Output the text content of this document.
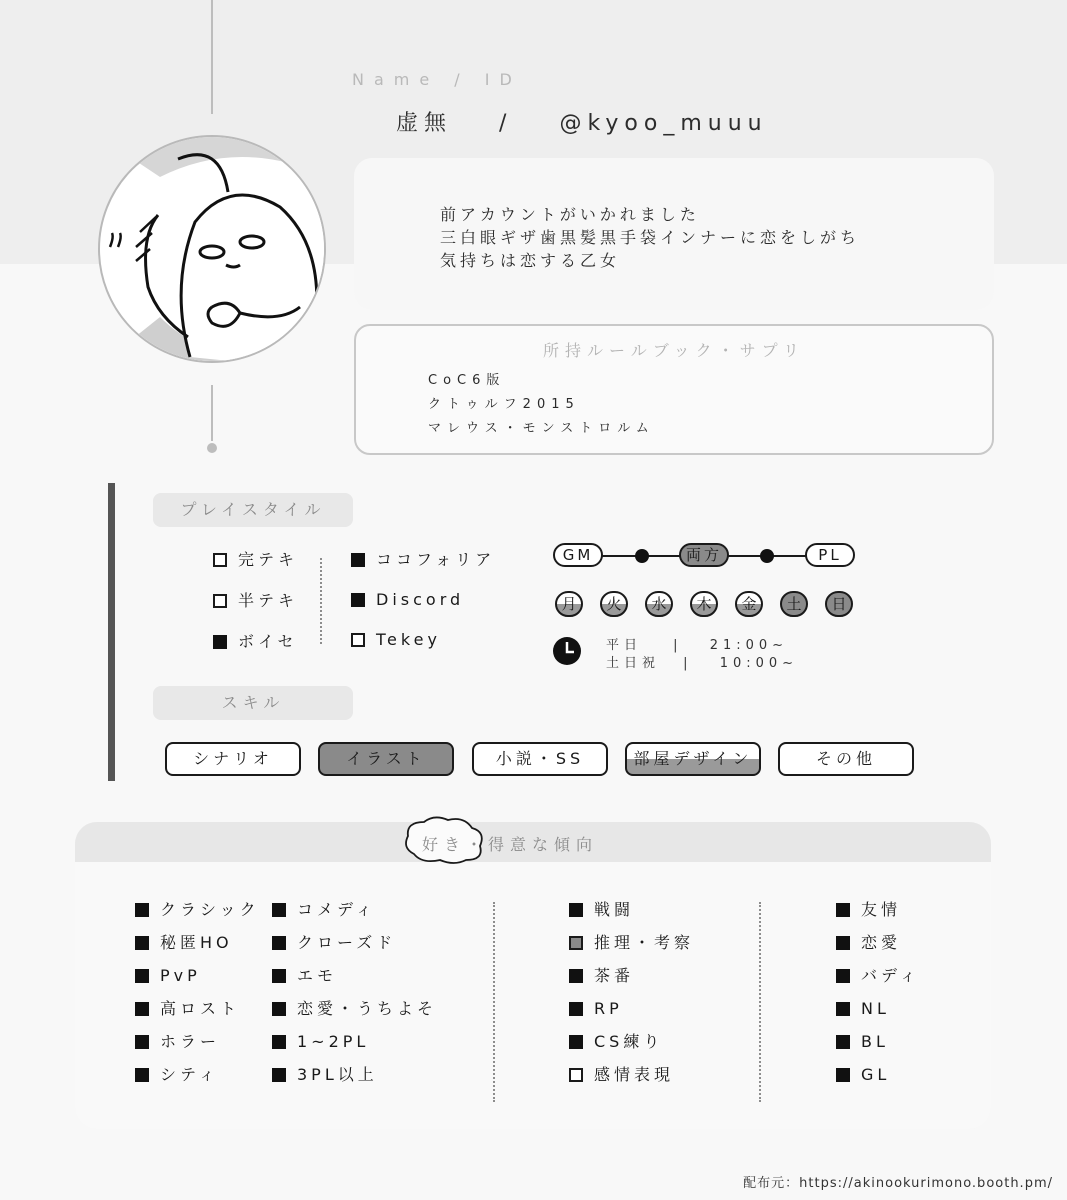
Name / ID
虚無 / @kyoo_muuu
前アカウントがいかれました
三白眼ギザ歯黒髪黒手袋インナーに恋をしがち
気持ちは恋する乙女
所持ルールブック・サプリ
CoC6版
クトゥルフ2015
マレウス・モンストロルム
プレイスタイル
完テキ
半テキ
ボイセ
ココフォリア
Discord
Tekey
GM	両方	PL
月	火	水	木	金	土	日
平日 | 21:00~
土日祝 | 10:00~
スキル
シナリオ	イラスト	小説・SS	部屋デザイン	その他
好き・得意な傾向
クラシック
秘匿HO
PvP
高ロスト
ホラー
シティ
コメディ
クローズド
エモ
恋愛・うちよそ
1~2PL
3PL以上
戦闘
推理・考察
茶番
RP
CS練り
感情表現
友情
恋愛
バディ
NL
BL
GL
配布元：https://akinookurimono.booth.pm/
